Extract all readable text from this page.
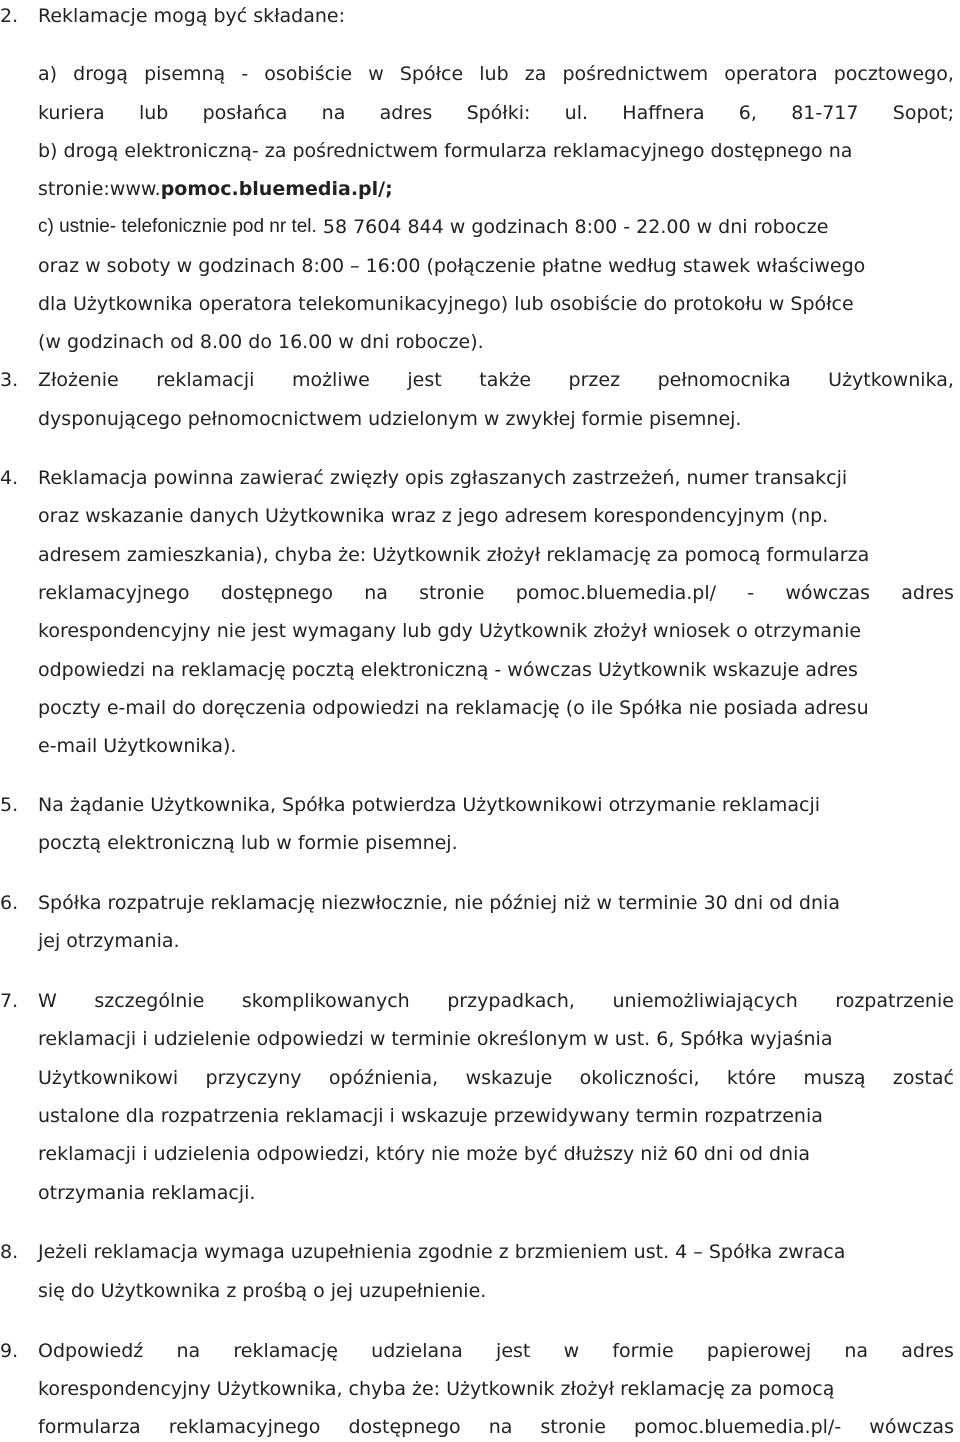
2. Reklamacje mogą być składane:
a) drogą pisemną - osobiście w Spółce lub za pośrednictwem operatora pocztowego,
kuriera lub posłańca na adres Spółki: ul. Haffnera 6, 81-717 Sopot;
b) drogą elektroniczną- za pośrednictwem formularza reklamacyjnego dostępnego na
stronie:www. pomoc.bluemedia.pl/;
c) ustnie- telefonicznie pod nr tel. 58 7604 844 w godzinach 8:00 - 22.00 w dni robocze
oraz w soboty w godzinach 8:00 – 16:00 (połączenie płatne według stawek właściwego
dla Użytkownika operatora telekomunikacyjnego) lub osobiście do protokołu w Spółce
(w godzinach od 8.00 do 16.00 w dni robocze).
3. Złożenie reklamacji możliwe jest także przez pełnomocnika Użytkownika,
dysponującego pełnomocnictwem udzielonym w zwykłej formie pisemnej.
4. Reklamacja powinna zawierać zwięzły opis zgłaszanych zastrzeżeń, numer transakcji
oraz wskazanie danych Użytkownika wraz z jego adresem korespondencyjnym (np.
adresem zamieszkania), chyba że: Użytkownik złożył reklamację za pomocą formularza
reklamacyjnego dostępnego na stronie pomoc.bluemedia.pl/ - wówczas adres
korespondencyjny nie jest wymagany lub gdy Użytkownik złożył wniosek o otrzymanie
odpowiedzi na reklamację pocztą elektroniczną - wówczas Użytkownik wskazuje adres
poczty e-mail do doręczenia odpowiedzi na reklamację (o ile Spółka nie posiada adresu
e-mail Użytkownika).
5. Na żądanie Użytkownika, Spółka potwierdza Użytkownikowi otrzymanie reklamacji
pocztą elektroniczną lub w formie pisemnej.
6. Spółka rozpatruje reklamację niezwłocznie, nie później niż w terminie 30 dni od dnia
jej otrzymania.
7. W szczególnie skomplikowanych przypadkach, uniemożliwiających rozpatrzenie
reklamacji i udzielenie odpowiedzi w terminie określonym w ust. 6, Spółka wyjaśnia
Użytkownikowi przyczyny opóźnienia, wskazuje okoliczności, które muszą zostać
ustalone dla rozpatrzenia reklamacji i wskazuje przewidywany termin rozpatrzenia
reklamacji i udzielenia odpowiedzi, który nie może być dłuższy niż 60 dni od dnia
otrzymania reklamacji.
8. Jeżeli reklamacja wymaga uzupełnienia zgodnie z brzmieniem ust. 4 – Spółka zwraca
się do Użytkownika z prośbą o jej uzupełnienie.
9. Odpowiedź na reklamację udzielana jest w formie papierowej na adres
korespondencyjny Użytkownika, chyba że: Użytkownik złożył reklamację za pomocą
formularza reklamacyjnego dostępnego na stronie pomoc.bluemedia.pl/- wówczas
